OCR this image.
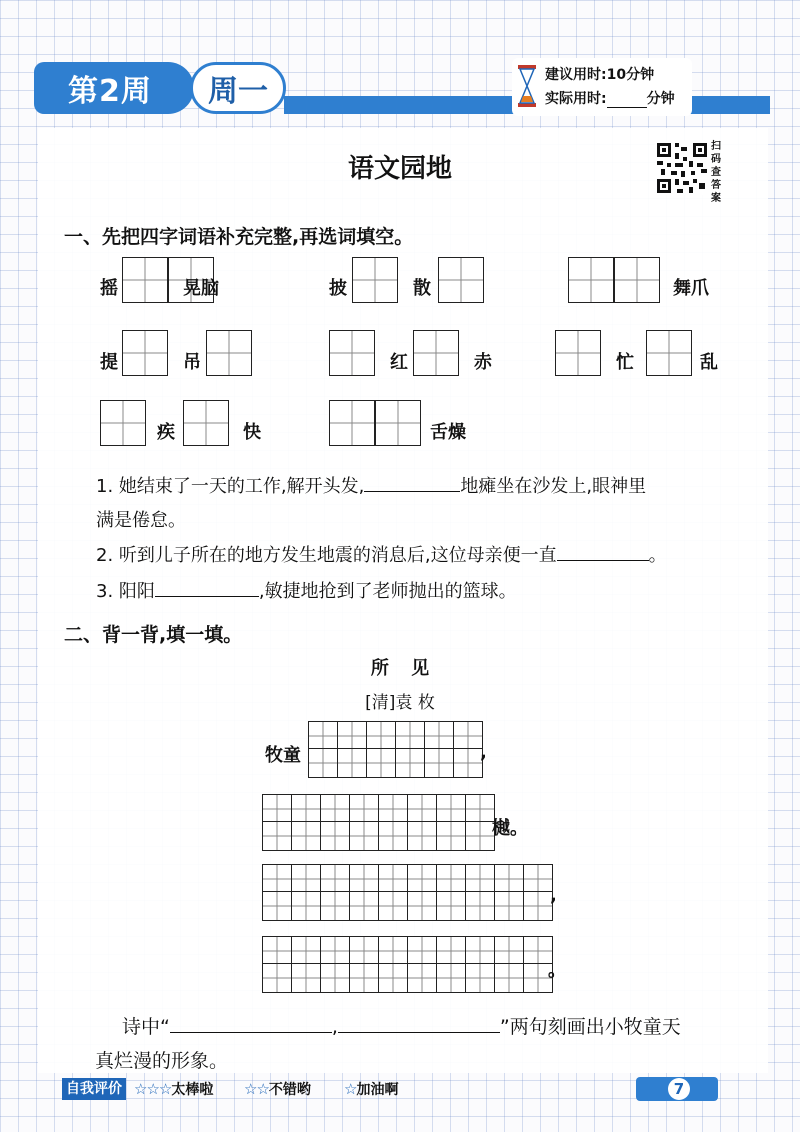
第2周	周一	建议用时:10分钟
实际用时:	分钟
语文园地
扫码查答案
一、先把四字词语补充完整,再选词填空。
摇	晃脑	披	散	舞爪
提	吊	红	赤	忙	乱
疾	快	舌燥
1. 她结束了一天的工作,解开头发,	地瘫坐在沙发上,眼神里
满是倦怠。
2. 听到儿子所在的地方发生地震的消息后,这位母亲便一直	。
3. 阳阳	,敏捷地抢到了老师抛出的篮球。
二、背一背,填一填。
所 见
[清]袁 枚
牧童	,
樾。
,
。
诗中“	,	”两句刻画出小牧童天
真烂漫的形象。
自我评价 ☆☆☆太棒啦 ☆☆不错哟 ☆加油啊	7
